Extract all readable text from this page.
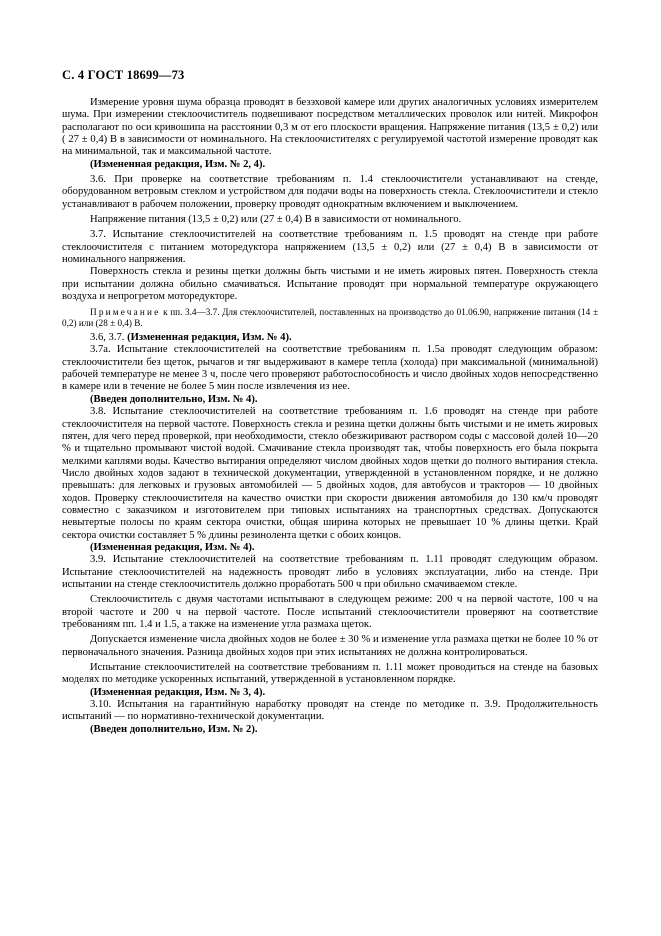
С. 4 ГОСТ 18699—73

Измерение уровня шума образца проводят в безэховой камере или других аналогичных условиях измерителем шума. При измерении стеклоочиститель подвешивают посредством металлических проволок или нитей. Микрофон располагают по оси кривошипа на расстоянии 0,3 м от его плоскости вращения. Напряжение питания (13,5 ± 0,2) или ( 27 ± 0,4) В в зависимости от номинального. На стеклоочистителях с регулируемой частотой измерение проводят как на минимальной, так и максимальной частоте.

(Измененная редакция, Изм. № 2, 4).

3.6. При проверке на соответствие требованиям п. 1.4 стеклоочистители устанавливают на стенде, оборудованном ветровым стеклом и устройством для подачи воды на поверхность стекла. Стеклоочистители и стекло устанавливают в рабочем положении, проверку проводят однократным включением и выключением.

Напряжение питания (13,5 ± 0,2) или (27 ± 0,4) В в зависимости от номинального.

3.7. Испытание стеклоочистителей на соответствие требованиям п. 1.5 проводят на стенде при работе стеклоочистителя с питанием моторедуктора напряжением (13,5 ± 0,2) или (27 ± 0,4) В в зависимости от номинального напряжения.

Поверхность стекла и резины щетки должны быть чистыми и не иметь жировых пятен. Поверхность стекла при испытании должна обильно смачиваться. Испытание проводят при нормальной температуре окружающего воздуха и непрогретом моторедукторе.

Примечание к пп. 3.4—3.7. Для стеклоочистителей, поставленных на производство до 01.06.90, напряжение питания (14 ± 0,2) или (28 ± 0,4) В.

3.6, 3.7. (Измененная редакция, Изм. № 4).

3.7а. Испытание стеклоочистителей на соответствие требованиям п. 1.5а проводят следующим образом: стеклоочистители без щеток, рычагов и тяг выдерживают в камере тепла (холода) при максимальной (минимальной) рабочей температуре не менее 3 ч, после чего проверяют работоспособность и число двойных ходов непосредственно в камере или в течение не более 5 мин после извлечения из нее.

(Введен дополнительно, Изм. № 4).

3.8. Испытание стеклоочистителей на соответствие требованиям п. 1.6 проводят на стенде при работе стеклоочистителя на первой частоте. Поверхность стекла и резина щетки должны быть чистыми и не иметь жировых пятен, для чего перед проверкой, при необходимости, стекло обезжиривают раствором соды с массовой долей 10—20 % и тщательно промывают чистой водой. Смачивание стекла производят так, чтобы поверхность его была покрыта мелкими каплями воды. Качество вытирания определяют числом двойных ходов щетки до полного вытирания стекла. Число двойных ходов задают в технической документации, утвержденной в установленном порядке, и не должно превышать: для легковых и грузовых автомобилей — 5 двойных ходов, для автобусов и тракторов — 10 двойных ходов. Проверку стеклоочистителя на качество очистки при скорости движения автомобиля до 130 км/ч проводят совместно с заказчиком и изготовителем при типовых испытаниях на транспортных средствах. Допускаются невытертые полосы по краям сектора очистки, общая ширина которых не превышает 10 % длины щетки. Край сектора очистки составляет 5 % длины резинолента щетки с обоих концов.

(Измененная редакция, Изм. № 4).

3.9. Испытание стеклоочистителей на соответствие требованиям п. 1.11 проводят следующим образом. Испытание стеклоочистителей на надежность проводят либо в условиях эксплуатации, либо на стенде. При испытании на стенде стеклоочиститель должно проработать 500 ч при обильно смачиваемом стекле.

Стеклоочиститель с двумя частотами испытывают в следующем режиме: 200 ч на первой частоте, 100 ч на второй частоте и 200 ч на первой частоте. После испытаний стеклоочистители проверяют на соответствие требованиям пп. 1.4 и 1.5, а также на изменение угла размаха щеток.

Допускается изменение числа двойных ходов не более ± 30 % и изменение угла размаха щетки не более 10 % от первоначального значения. Разница двойных ходов при этих испытаниях не должна контролироваться.

Испытание стеклоочистителей на соответствие требованиям п. 1.11 может проводиться на стенде на базовых моделях по методике ускоренных испытаний, утвержденной в установленном порядке.

(Измененная редакция, Изм. № 3, 4).

3.10. Испытания на гарантийную наработку проводят на стенде по методике п. 3.9. Продолжительность испытаний — по нормативно-технической документации.

(Введен дополнительно, Изм. № 2).
